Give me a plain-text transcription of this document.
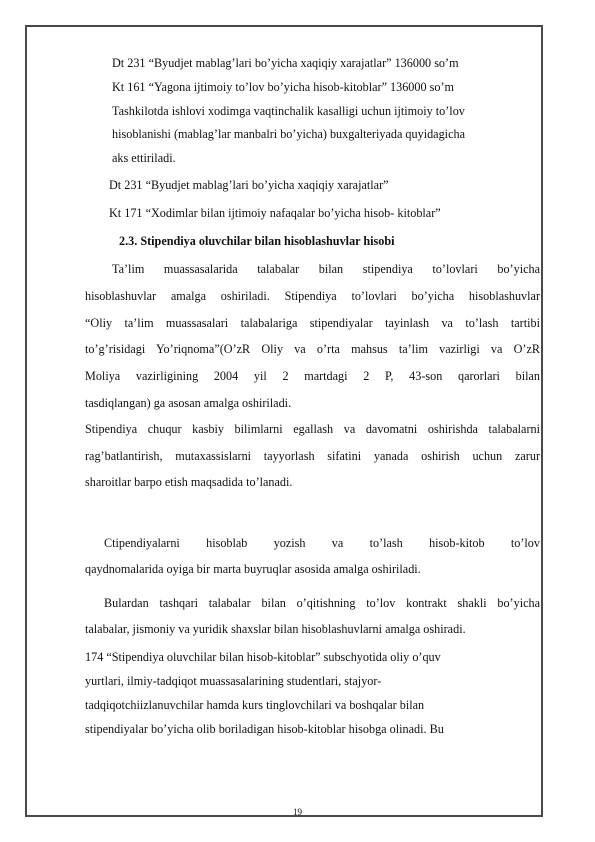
Dt 231 “Byudjet mablag’lari bo’yicha xaqiqiy xarajatlar” 136000 so’m
Kt 161 “Yagona ijtimoiy to’lov bo’yicha hisob-kitoblar” 136000 so’m
Tashkilotda ishlovi xodimga vaqtinchalik kasalligi uchun ijtimoiy to’lov
hisoblanishi (mablag’lar manbalri bo’yicha) buxgalteriyada quyidagicha
aks ettiriladi.
Dt 231 “Byudjet mablag’lari bo’yicha xaqiqiy xarajatlar”
Kt 171 “Xodimlar bilan ijtimoiy nafaqalar bo’yicha hisob- kitoblar”
2.3. Stipendiya oluvchilar bilan hisoblashuvlar hisobi
Ta’lim muassasalarida talabalar bilan stipendiya to’lovlari bo’yicha
hisoblashuvlar amalga oshiriladi. Stipendiya to’lovlari bo’yicha hisoblashuvlar
“Oliy ta’lim muassasalari talabalariga stipendiyalar tayinlash va to’lash tartibi
to’g’risidagi Yo’riqnoma”(O’zR Oliy va o’rta mahsus ta’lim vazirligi va O’zR
Moliya vazirligining 2004 yil 2 martdagi 2 P, 43-son qarorlari bilan
tasdiqlangan) ga asosan amalga oshiriladi.
Stipendiya chuqur kasbiy bilimlarni egallash va davomatni oshirishda talabalarni
rag’batlantirish, mutaxassislarni tayyorlash sifatini yanada oshirish uchun zarur
sharoitlar barpo etish maqsadida to’lanadi.
Ctipendiyalarni hisoblab yozish va to’lash hisob-kitob to’lov
qaydnomalarida oyiga bir marta buyruqlar asosida amalga oshiriladi.
Bulardan tashqari talabalar bilan o’qitishning to’lov kontrakt shakli bo’yicha
talabalar, jismoniy va yuridik shaxslar bilan hisoblashuvlarni amalga oshiradi.
174 “Stipendiya oluvchilar bilan hisob-kitoblar” subschyotida oliy o’quv
yurtlari, ilmiy-tadqiqot muassasalarining studentlari, stajyor-
tadqiqotchiizlanuvchilar hamda kurs tinglovchilari va boshqalar bilan
stipendiyalar bo’yicha olib boriladigan hisob-kitoblar hisobga olinadi. Bu
19
